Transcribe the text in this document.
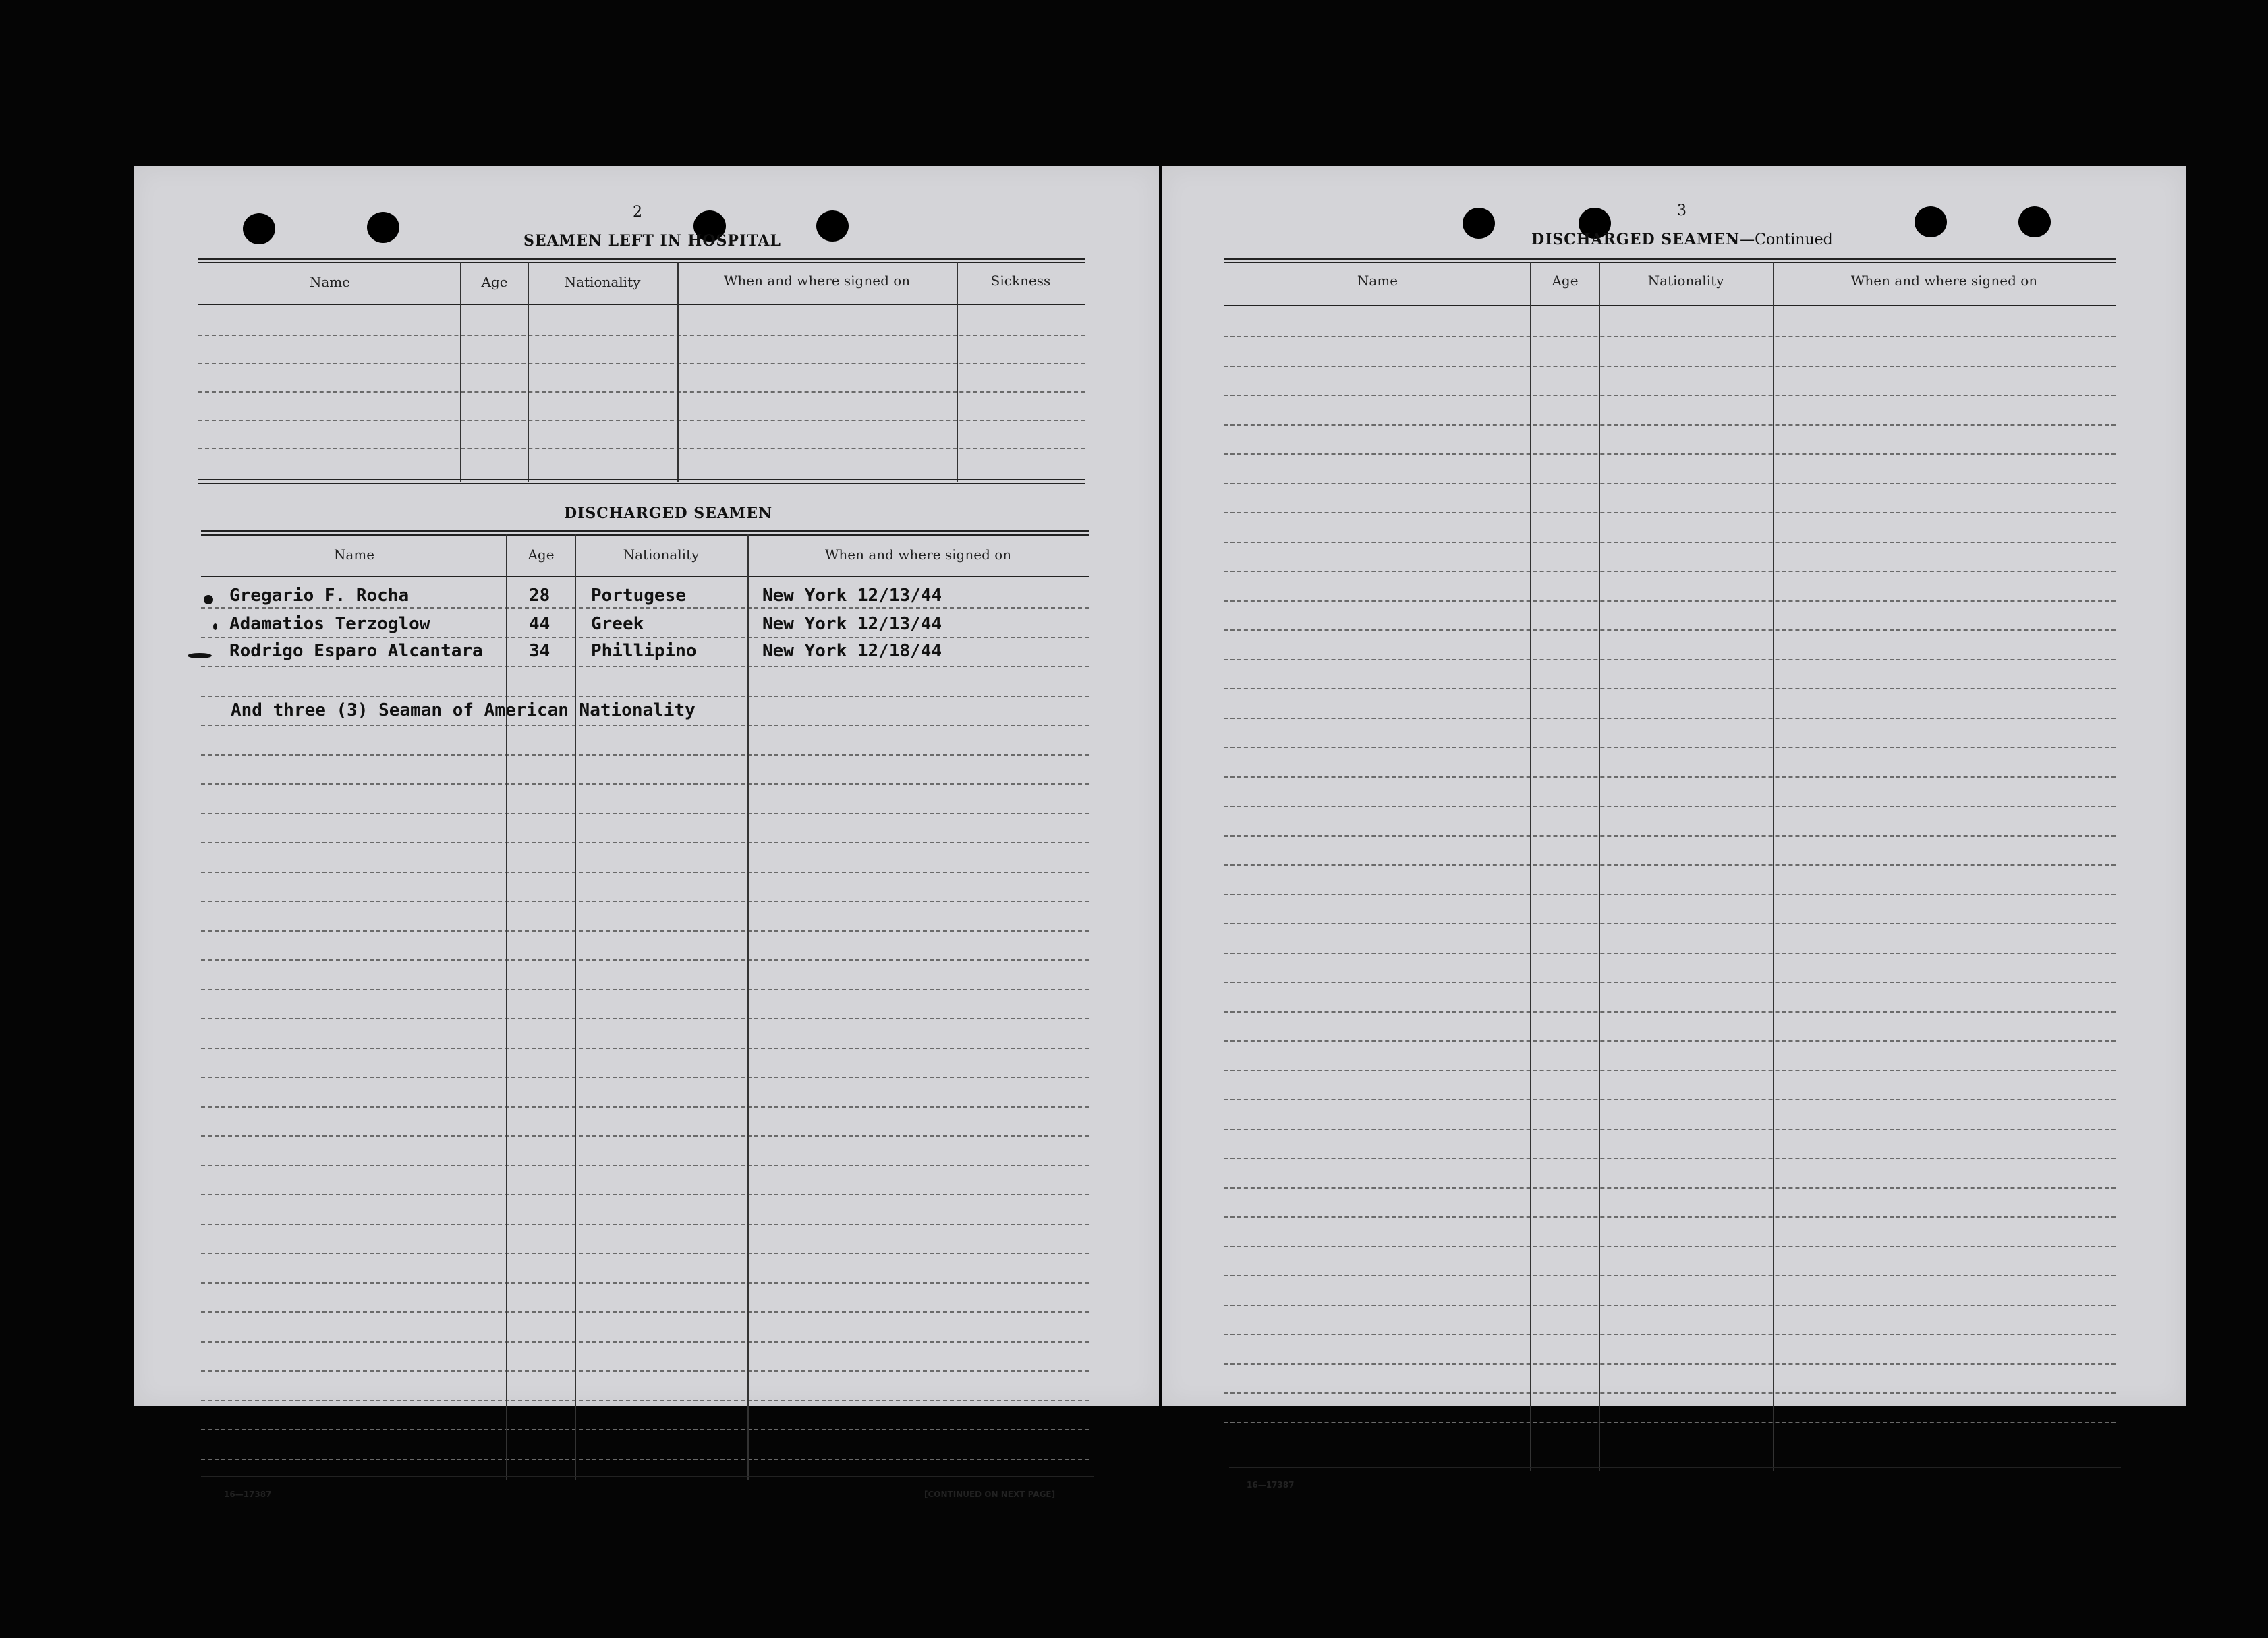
2
SEAMEN LEFT IN HOSPITAL
Name	Age	Nationality	When and where signed on	Sickness
DISCHARGED SEAMEN
Name	Age	Nationality	When and where signed on
Gregario F. Rocha	28 Portugese	New York 12/13/44
Adamatios Terzoglow	44 Greek	New York 12/13/44
Rodrigo Esparo Alcantara	34 Phillipino	New York 12/18/44
And three (3) Seaman of American Nationality
16—17387	[CONTINUED ON NEXT PAGE]
3
DISCHARGED SEAMEN—Continued
Name	Age	Nationality	When and where signed on
16—17387
